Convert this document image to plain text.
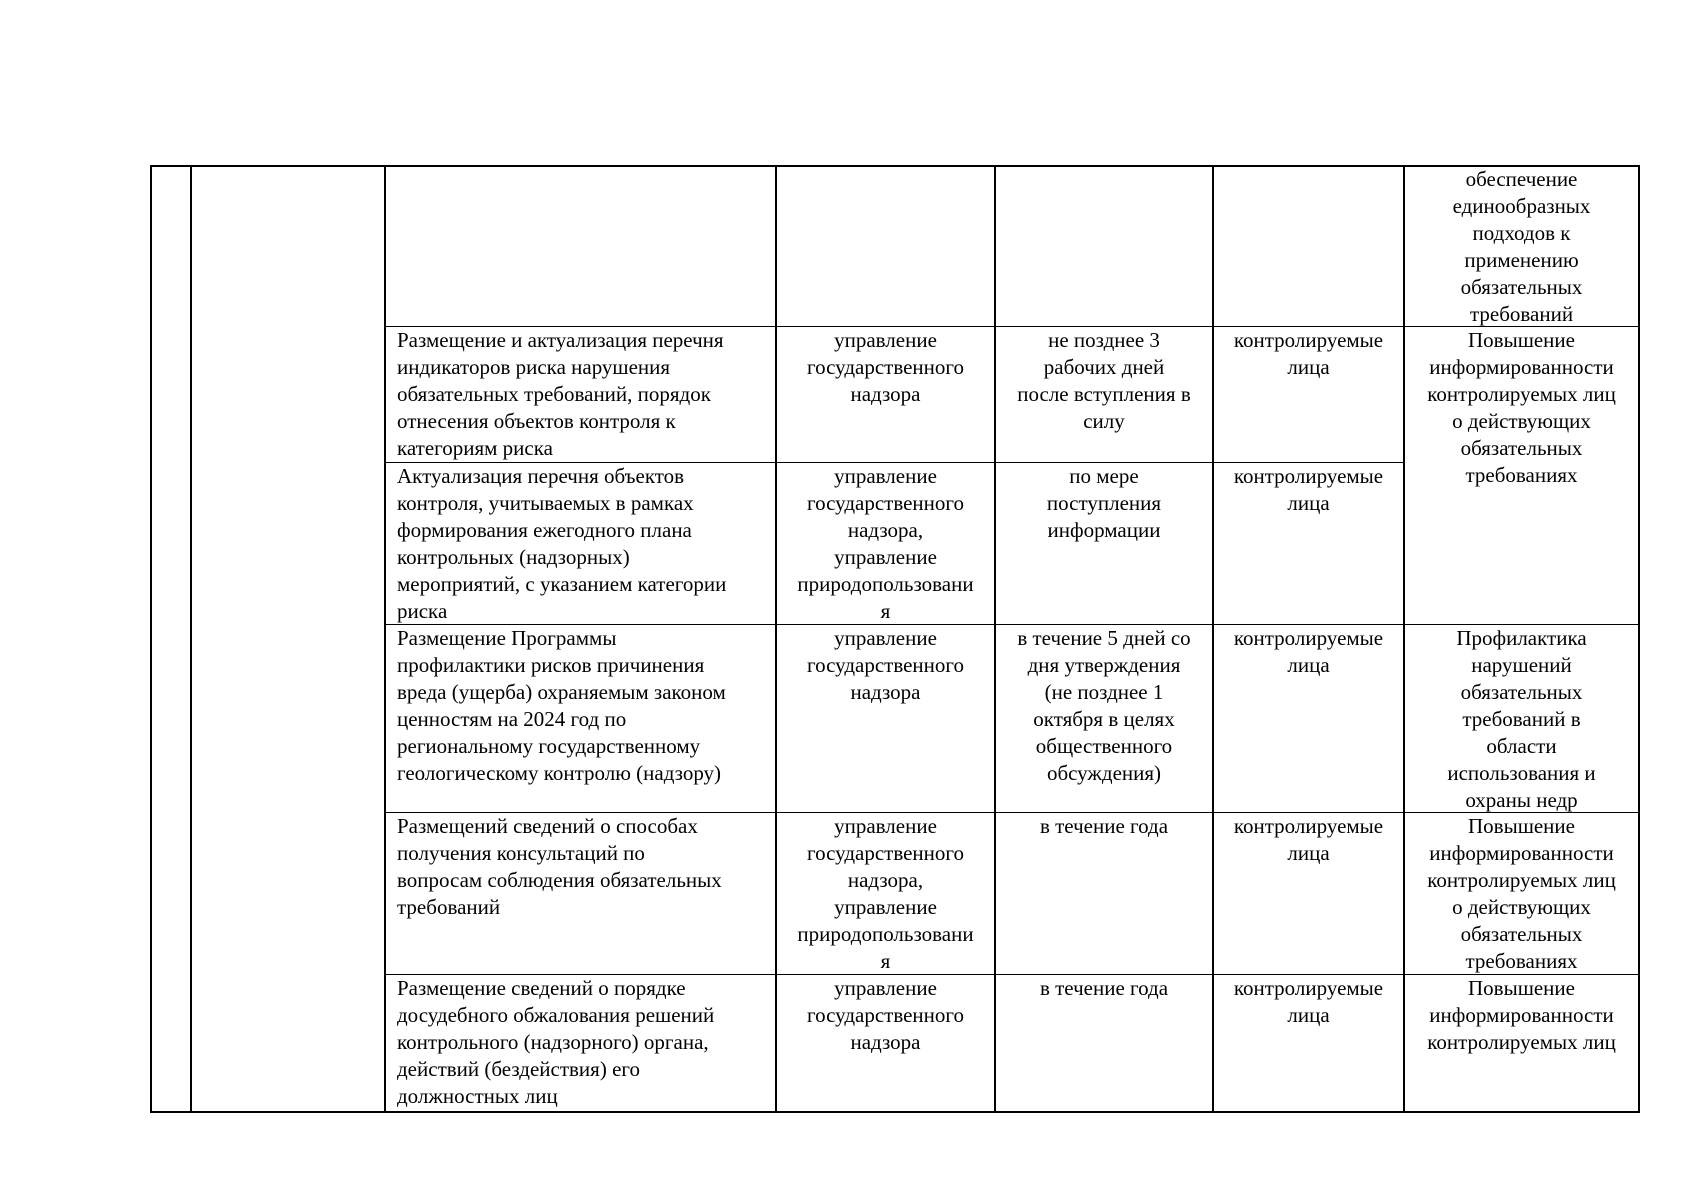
обеспечение
единообразных
подходов к
применению
обязательных
требований
Размещение и актуализация перечня
индикаторов риска нарушения
обязательных требований, порядок
отнесения объектов контроля к
категориям риска
управление
государственного
надзора
не позднее 3
рабочих дней
после вступления в
силу
контролируемые
лица
Повышение
информированности
контролируемых лиц
о действующих
обязательных
требованиях
Актуализация перечня объектов
контроля, учитываемых в рамках
формирования ежегодного плана
контрольных (надзорных)
мероприятий, с указанием категории
риска
управление
государственного
надзора,
управление
природопользовани
я
по мере
поступления
информации
контролируемые
лица
Размещение Программы
профилактики рисков причинения
вреда (ущерба) охраняемым законом
ценностям на 2024 год по
региональному государственному
геологическому контролю (надзору)
управление
государственного
надзора
в течение 5 дней со
дня утверждения
(не позднее 1
октября в целях
общественного
обсуждения)
контролируемые
лица
Профилактика
нарушений
обязательных
требований в
области
использования и
охраны недр
Размещений сведений о способах
получения консультаций по
вопросам соблюдения обязательных
требований
управление
государственного
надзора,
управление
природопользовани
я
в течение года	контролируемые
лица
Повышение
информированности
контролируемых лиц
о действующих
обязательных
требованиях
Размещение сведений о порядке
досудебного обжалования решений
контрольного (надзорного) органа,
действий (бездействия) его
должностных лиц
управление
государственного
надзора
в течение года	контролируемые
лица
Повышение
информированности
контролируемых лиц
